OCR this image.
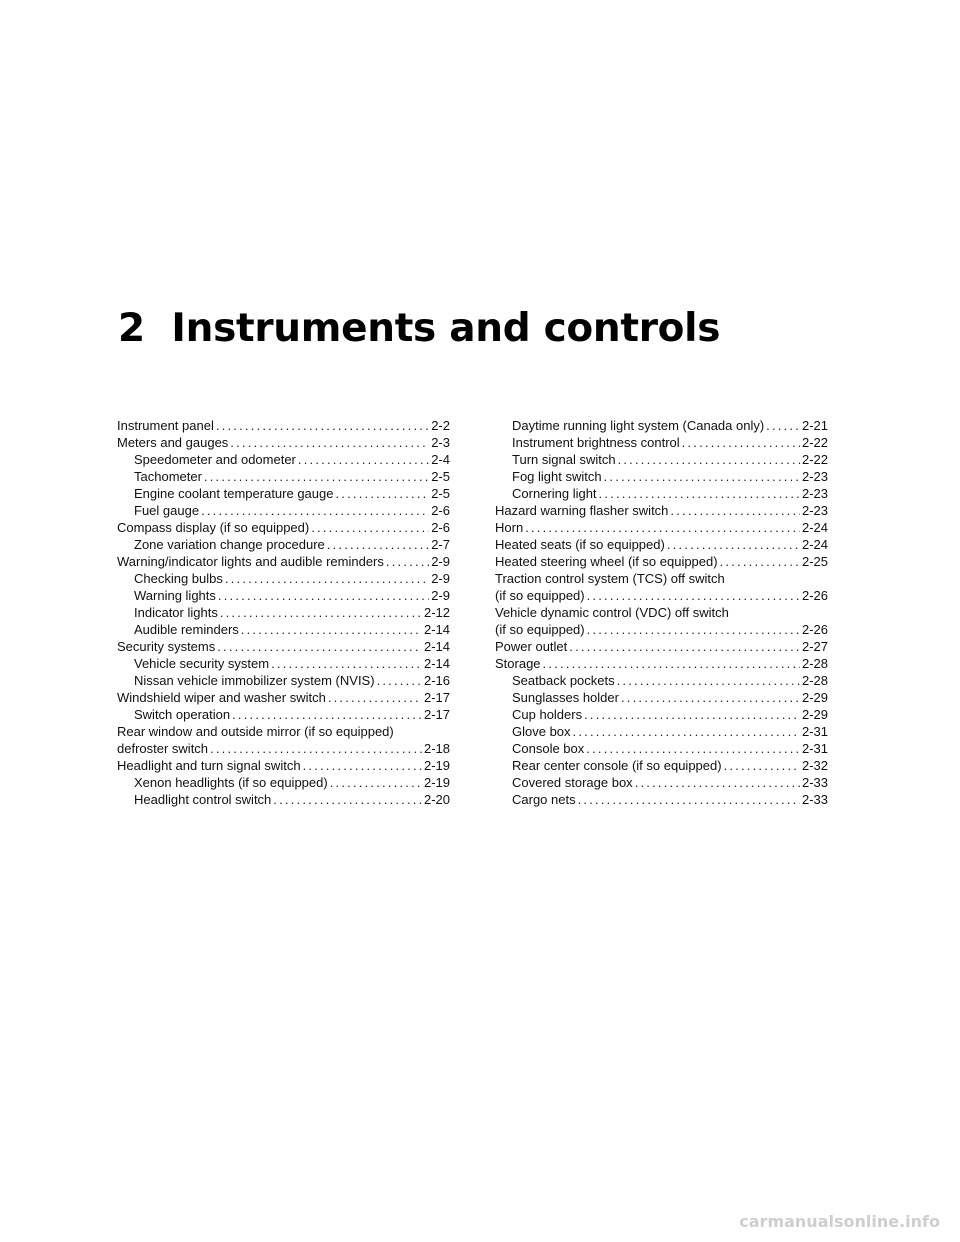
2 Instruments and controls
Instrument panel .....	2-2
Meters and gauges .....	2-3
Speedometer and odometer .....	2-4
Tachometer .....	2-5
Engine coolant temperature gauge .....	2-5
Fuel gauge .....	2-6
Compass display (if so equipped) .....	2-6
Zone variation change procedure .....	2-7
Warning/indicator lights and audible reminders .....	2-9
Checking bulbs .....	2-9
Warning lights .....	2-9
Indicator lights .....	2-12
Audible reminders .....	2-14
Security systems .....	2-14
Vehicle security system .....	2-14
Nissan vehicle immobilizer system (NVIS) .....	2-16
Windshield wiper and washer switch .....	2-17
Switch operation .....	2-17
Rear window and outside mirror (if so equipped)
defroster switch .....	2-18
Headlight and turn signal switch .....	2-19
Xenon headlights (if so equipped) .....	2-19
Headlight control switch .....	2-20
Daytime running light system (Canada only) .....	2-21
Instrument brightness control .....	2-22
Turn signal switch .....	2-22
Fog light switch .....	2-23
Cornering light .....	2-23
Hazard warning flasher switch .....	2-23
Horn .....	2-24
Heated seats (if so equipped) .....	2-24
Heated steering wheel (if so equipped) .....	2-25
Traction control system (TCS) off switch
(if so equipped) .....	2-26
Vehicle dynamic control (VDC) off switch
(if so equipped) .....	2-26
Power outlet .....	2-27
Storage .....	2-28
Seatback pockets .....	2-28
Sunglasses holder .....	2-29
Cup holders .....	2-29
Glove box .....	2-31
Console box .....	2-31
Rear center console (if so equipped) .....	2-32
Covered storage box .....	2-33
Cargo nets .....	2-33
carmanualsonline.info
